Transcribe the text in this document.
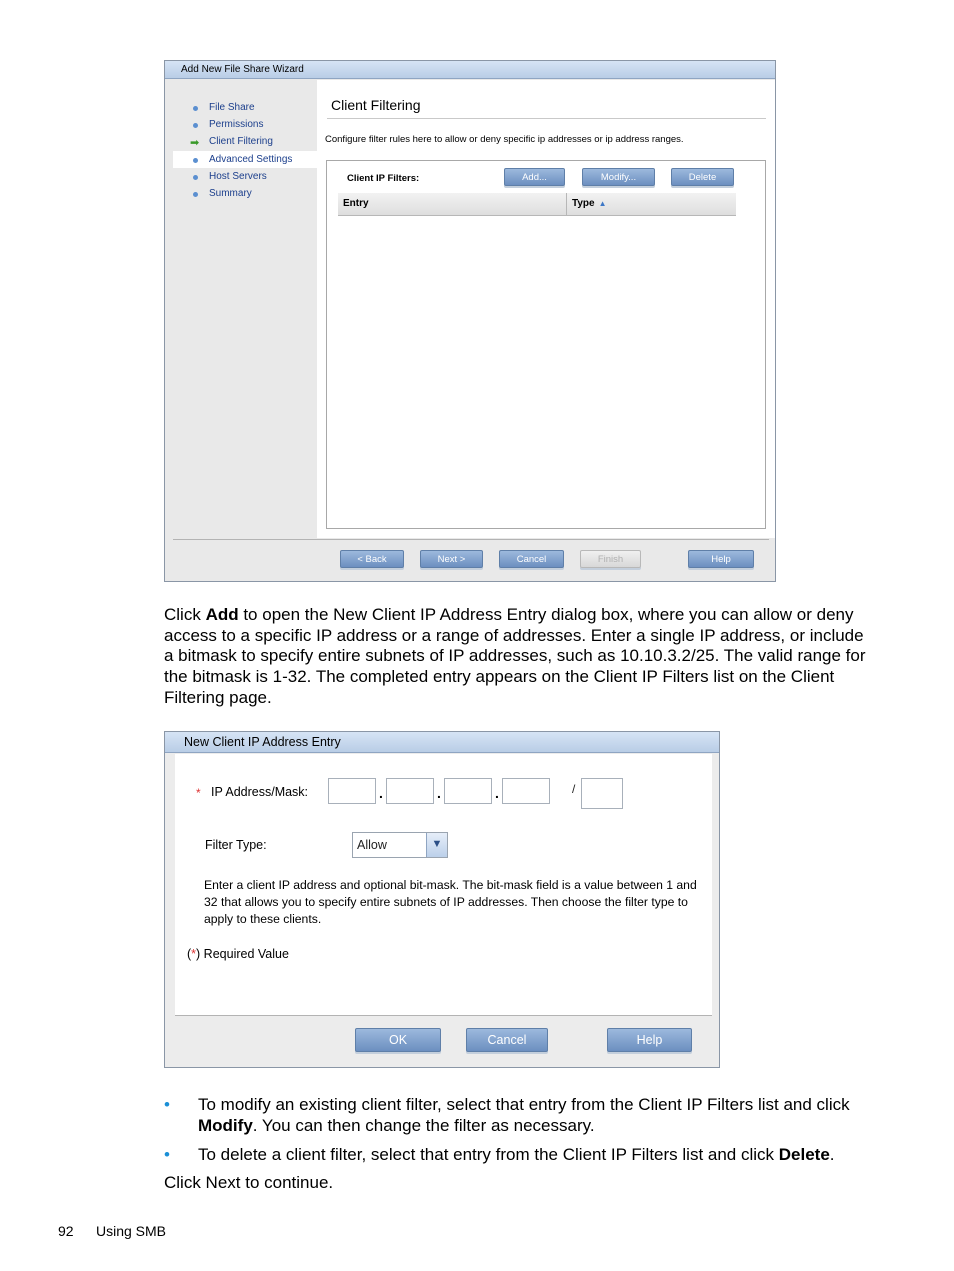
Add New File Share Wizard
File Share
Permissions
➡ Client Filtering
Advanced Settings
Host Servers
Summary
Client Filtering
Configure filter rules here to allow or deny specific ip addresses or ip address ranges.
Client IP Filters:	Add...	Modify...	Delete
Entry	Type ▲
< Back	Next >	Cancel	Finish	Help
Click Add to open the New Client IP Address Entry dialog box, where you can allow or deny access to a specific IP address or a range of addresses. Enter a single IP address, or include a bitmask to specify entire subnets of IP addresses, such as 10.10.3.2/25. The valid range for the bitmask is 1-32. The completed entry appears on the Client IP Filters list on the Client Filtering page.
New Client IP Address Entry
* IP Address/Mask:	.	.	.	/
Filter Type:	Allow	▼
Enter a client IP address and optional bit-mask. The bit-mask field is a value between 1 and 32 that allows you to specify entire subnets of IP addresses. Then choose the filter type to apply to these clients.
(*) Required Value
OK	Cancel	Help
• To modify an existing client filter, select that entry from the Client IP Filters list and click Modify. You can then change the filter as necessary.
• To delete a client filter, select that entry from the Client IP Filters list and click Delete.
Click Next to continue.
92 Using SMB
